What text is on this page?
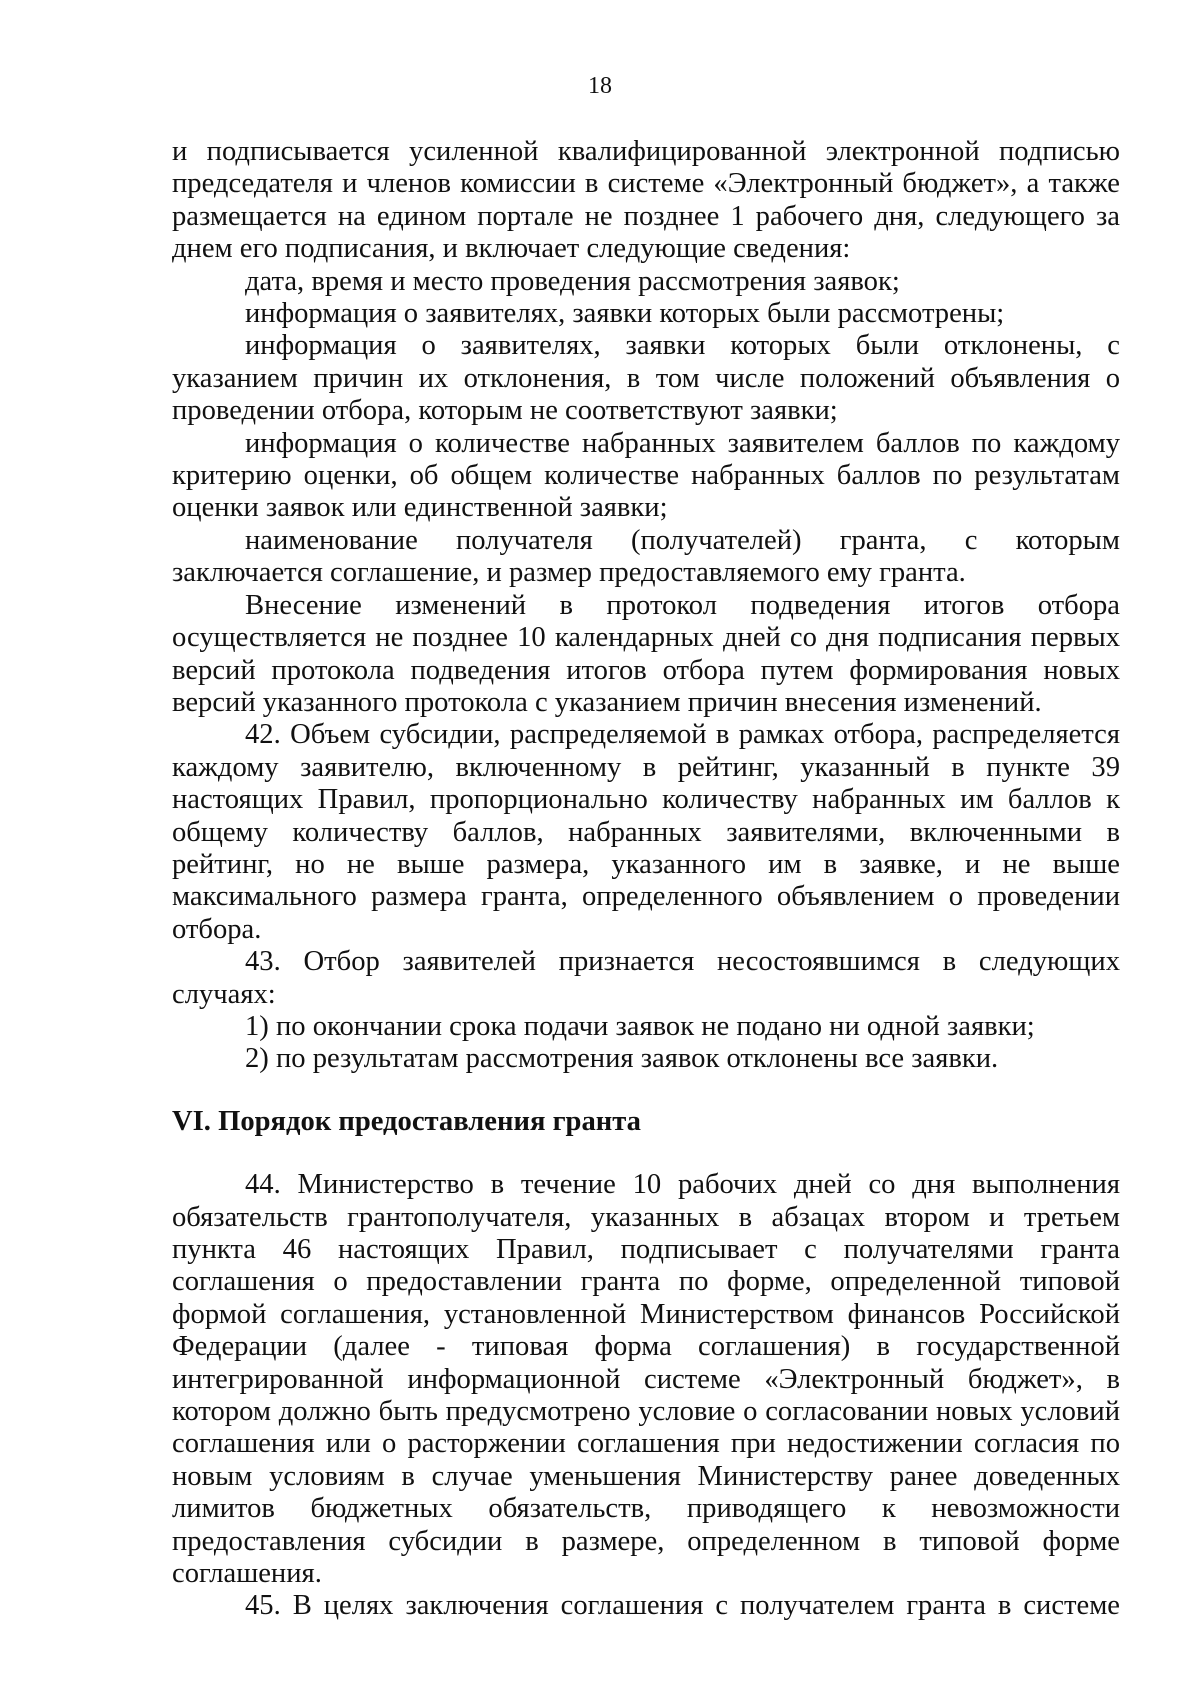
18

и подписывается усиленной квалифицированной электронной подписью председателя и членов комиссии в системе «Электронный бюджет», а также размещается на едином портале не позднее 1 рабочего дня, следующего за днем его подписания, и включает следующие сведения:

дата, время и место проведения рассмотрения заявок;

информация о заявителях, заявки которых были рассмотрены;

информация о заявителях, заявки которых были отклонены, с указанием причин их отклонения, в том числе положений объявления о проведении отбора, которым не соответствуют заявки;

информация о количестве набранных заявителем баллов по каждому критерию оценки, об общем количестве набранных баллов по результатам оценки заявок или единственной заявки;

наименование получателя (получателей) гранта, с которым заключается соглашение, и размер предоставляемого ему гранта.

Внесение изменений в протокол подведения итогов отбора осуществляется не позднее 10 календарных дней со дня подписания первых версий протокола подведения итогов отбора путем формирования новых версий указанного протокола с указанием причин внесения изменений.

42. Объем субсидии, распределяемой в рамках отбора, распределяется каждому заявителю, включенному в рейтинг, указанный в пункте 39 настоящих Правил, пропорционально количеству набранных им баллов к общему количеству баллов, набранных заявителями, включенными в рейтинг, но не выше размера, указанного им в заявке, и не выше максимального размера гранта, определенного объявлением о проведении отбора.

43. Отбор заявителей признается несостоявшимся в следующих случаях:

1) по окончании срока подачи заявок не подано ни одной заявки;

2) по результатам рассмотрения заявок отклонены все заявки.

VI. Порядок предоставления гранта

44. Министерство в течение 10 рабочих дней со дня выполнения обязательств грантополучателя, указанных в абзацах втором и третьем пункта 46 настоящих Правил, подписывает с получателями гранта соглашения о предоставлении гранта по форме, определенной типовой формой соглашения, установленной Министерством финансов Российской Федерации (далее - типовая форма соглашения) в государственной интегрированной информационной системе «Электронный бюджет», в котором должно быть предусмотрено условие о согласовании новых условий соглашения или о расторжении соглашения при недостижении согласия по новым условиям в случае уменьшения Министерству ранее доведенных лимитов бюджетных обязательств, приводящего к невозможности предоставления субсидии в размере, определенном в типовой форме соглашения.

45. В целях заключения соглашения с получателем гранта в системе
